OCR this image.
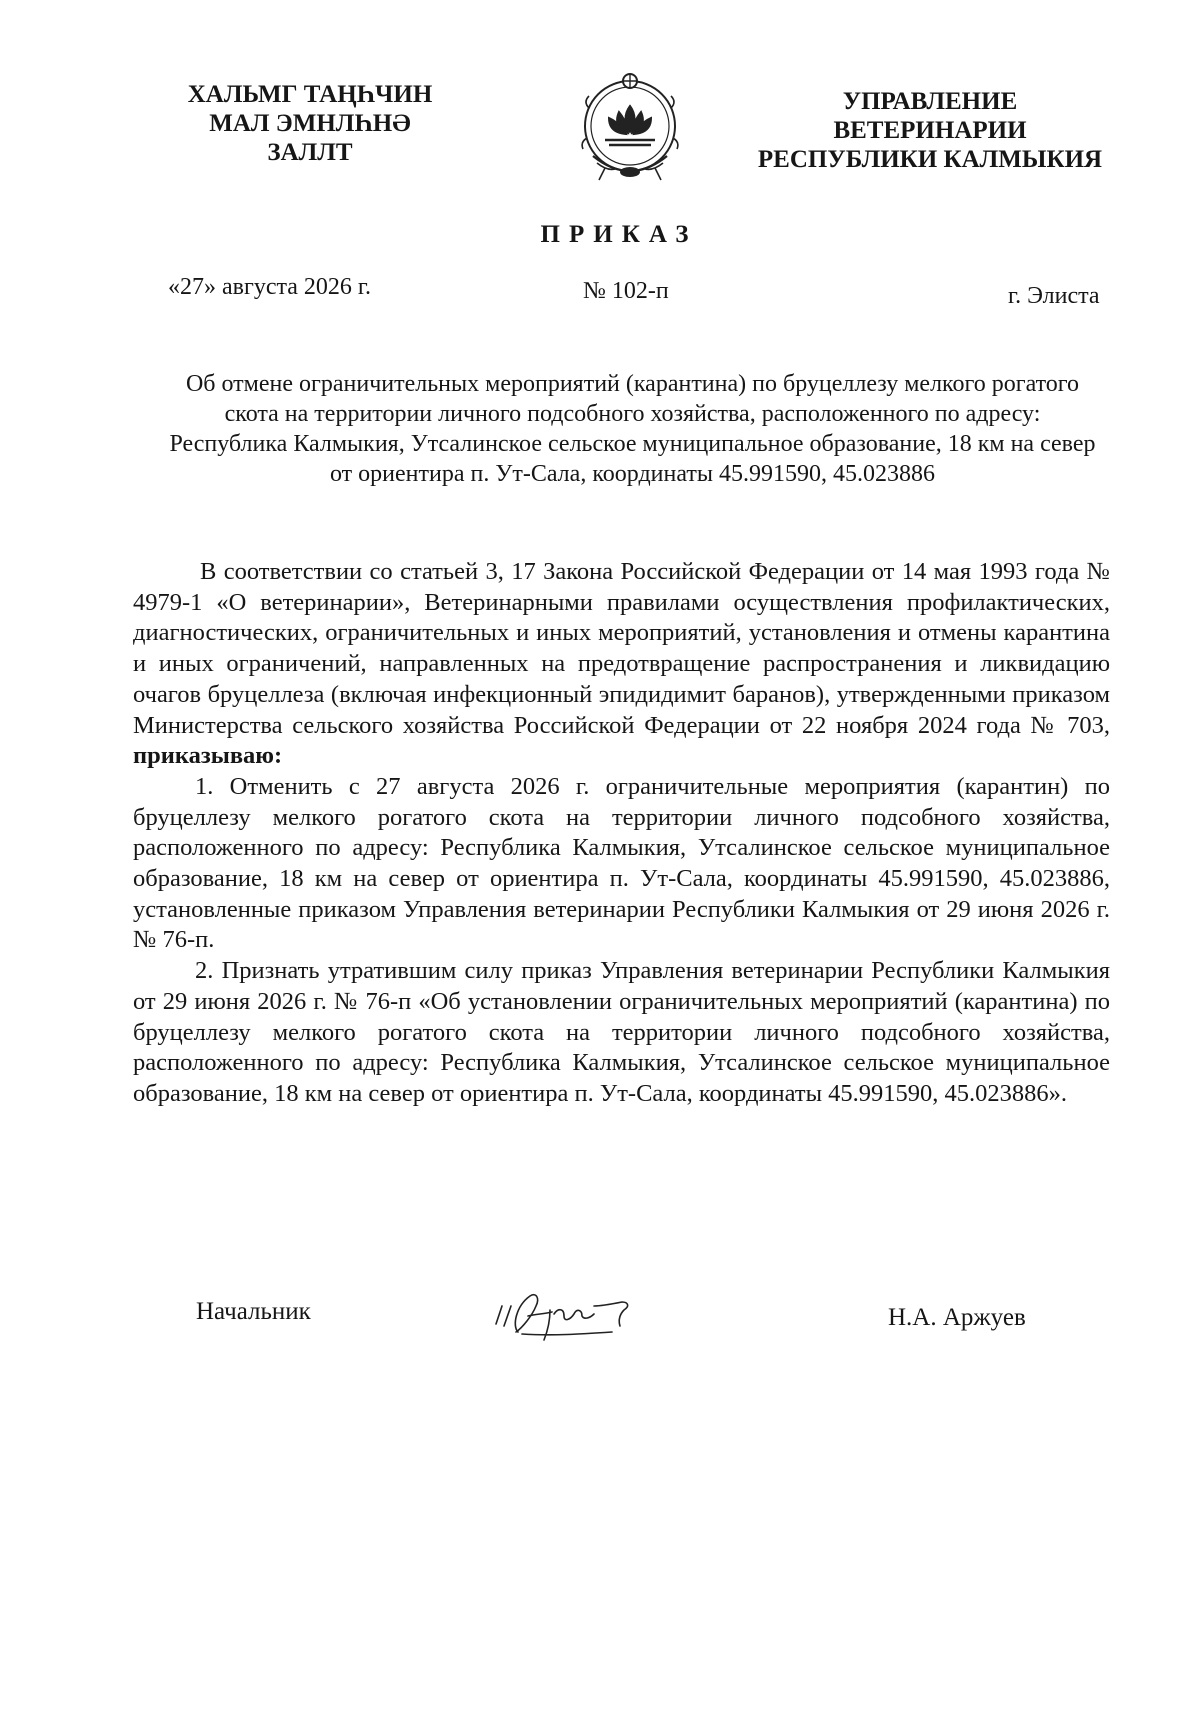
ХАЛЬМГ ТАҢҺЧИН
МАЛ ЭМНЛҺНӘ
ЗАЛЛТ
УПРАВЛЕНИЕ
ВЕТЕРИНАРИИ
РЕСПУБЛИКИ КАЛМЫКИЯ
ПРИКАЗ
«27» августа 2026 г.	№ 102-п	г. Элиста
Об отмене ограничительных мероприятий (карантина) по бруцеллезу мелкого рогатого скота на территории личного подсобного хозяйства, расположенного по адресу: Республика Калмыкия, Утсалинское сельское муниципальное образование, 18 км на север от ориентира п. Ут-Сала, координаты 45.991590, 45.023886

В соответствии со статьей 3, 17 Закона Российской Федерации от 14 мая 1993 года № 4979-1 «О ветеринарии», Ветеринарными правилами осуществления профилактических, диагностических, ограничительных и иных мероприятий, установления и отмены карантина и иных ограничений, направленных на предотвращение распространения и ликвидацию очагов бруцеллеза (включая инфекционный эпидидимит баранов), утвержденными приказом Министерства сельского хозяйства Российской Федерации от 22 ноября 2024 года № 703, приказываю:

1. Отменить с 27 августа 2026 г. ограничительные мероприятия (карантин) по бруцеллезу мелкого рогатого скота на территории личного подсобного хозяйства, расположенного по адресу: Республика Калмыкия, Утсалинское сельское муниципальное образование, 18 км на север от ориентира п. Ут-Сала, координаты 45.991590, 45.023886, установленные приказом Управления ветеринарии Республики Калмыкия от 29 июня 2026 г. № 76-п.

2. Признать утратившим силу приказ Управления ветеринарии Республики Калмыкия от 29 июня 2026 г. № 76-п «Об установлении ограничительных мероприятий (карантина) по бруцеллезу мелкого рогатого скота на территории личного подсобного хозяйства, расположенного по адресу: Республика Калмыкия, Утсалинское сельское муниципальное образование, 18 км на север от ориентира п. Ут-Сала, координаты 45.991590, 45.023886».

Начальник	Н.А. Аржуев
